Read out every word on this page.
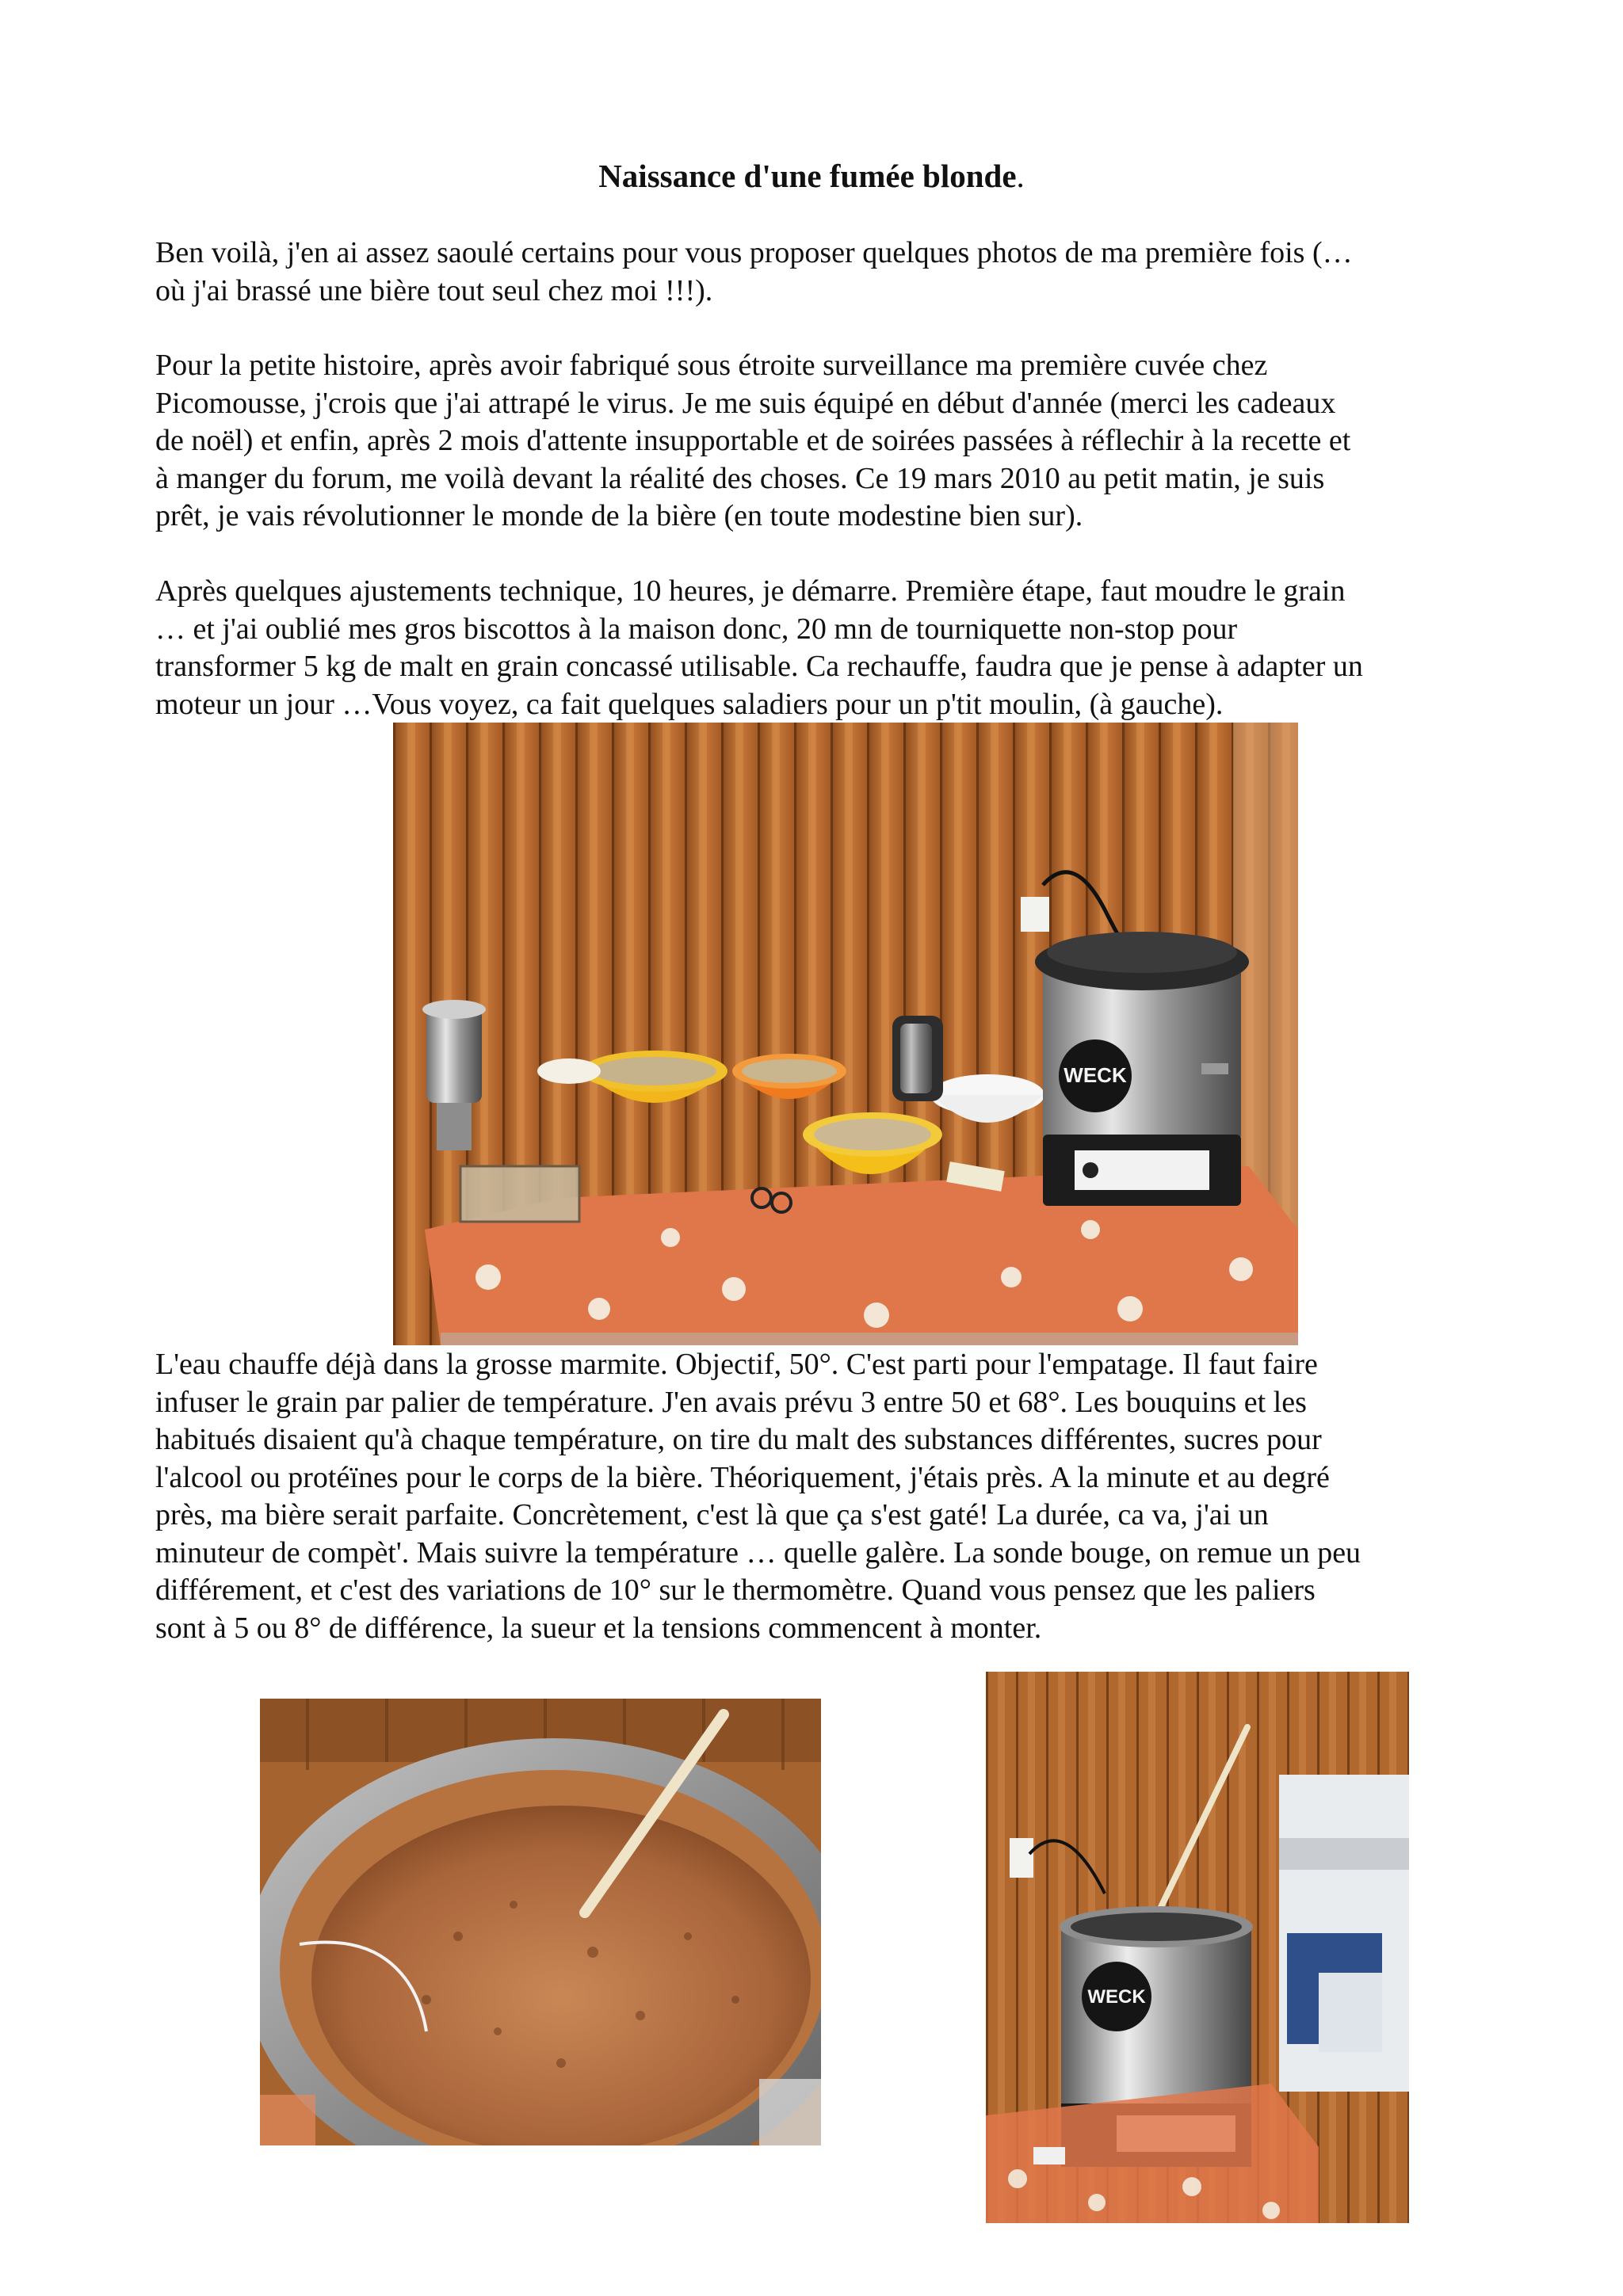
Naissance d'une fumée blonde.
Ben voilà, j'en ai assez saoulé certains pour vous proposer quelques photos de ma première fois (…
où j'ai brassé une bière tout seul chez moi !!!).
Pour la petite histoire, après avoir fabriqué sous étroite surveillance ma première cuvée chez
Picomousse, j'crois que j'ai attrapé le virus. Je me suis équipé en début d'année (merci les cadeaux
de noël) et enfin, après 2 mois d'attente insupportable et de soirées passées à réflechir à la recette et
à manger du forum, me voilà devant la réalité des choses. Ce 19 mars 2010 au petit matin, je suis
prêt, je vais révolutionner le monde de la bière (en toute modestine bien sur).
Après quelques ajustements technique, 10 heures, je démarre. Première étape, faut moudre le grain
… et j'ai oublié mes gros biscottos à la maison donc, 20 mn de tourniquette non-stop pour
transformer 5 kg de malt en grain concassé utilisable. Ca rechauffe, faudra que je pense à adapter un
moteur un jour …Vous voyez, ca fait quelques saladiers pour un p'tit moulin, (à gauche).
WECK
L'eau chauffe déjà dans la grosse marmite. Objectif, 50°. C'est parti pour l'empatage. Il faut faire
infuser le grain par palier de température. J'en avais prévu 3 entre 50 et 68°. Les bouquins et les
habitués disaient qu'à chaque température, on tire du malt des substances différentes, sucres pour
l'alcool ou protéïnes pour le corps de la bière. Théoriquement, j'étais près. A la minute et au degré
près, ma bière serait parfaite. Concrètement, c'est là que ça s'est gaté! La durée, ca va, j'ai un
minuteur de compèt'. Mais suivre la température … quelle galère. La sonde bouge, on remue un peu
différement, et c'est des variations de 10° sur le thermomètre. Quand vous pensez que les paliers
sont à 5 ou 8° de différence, la sueur et la tensions commencent à monter.
WECK
